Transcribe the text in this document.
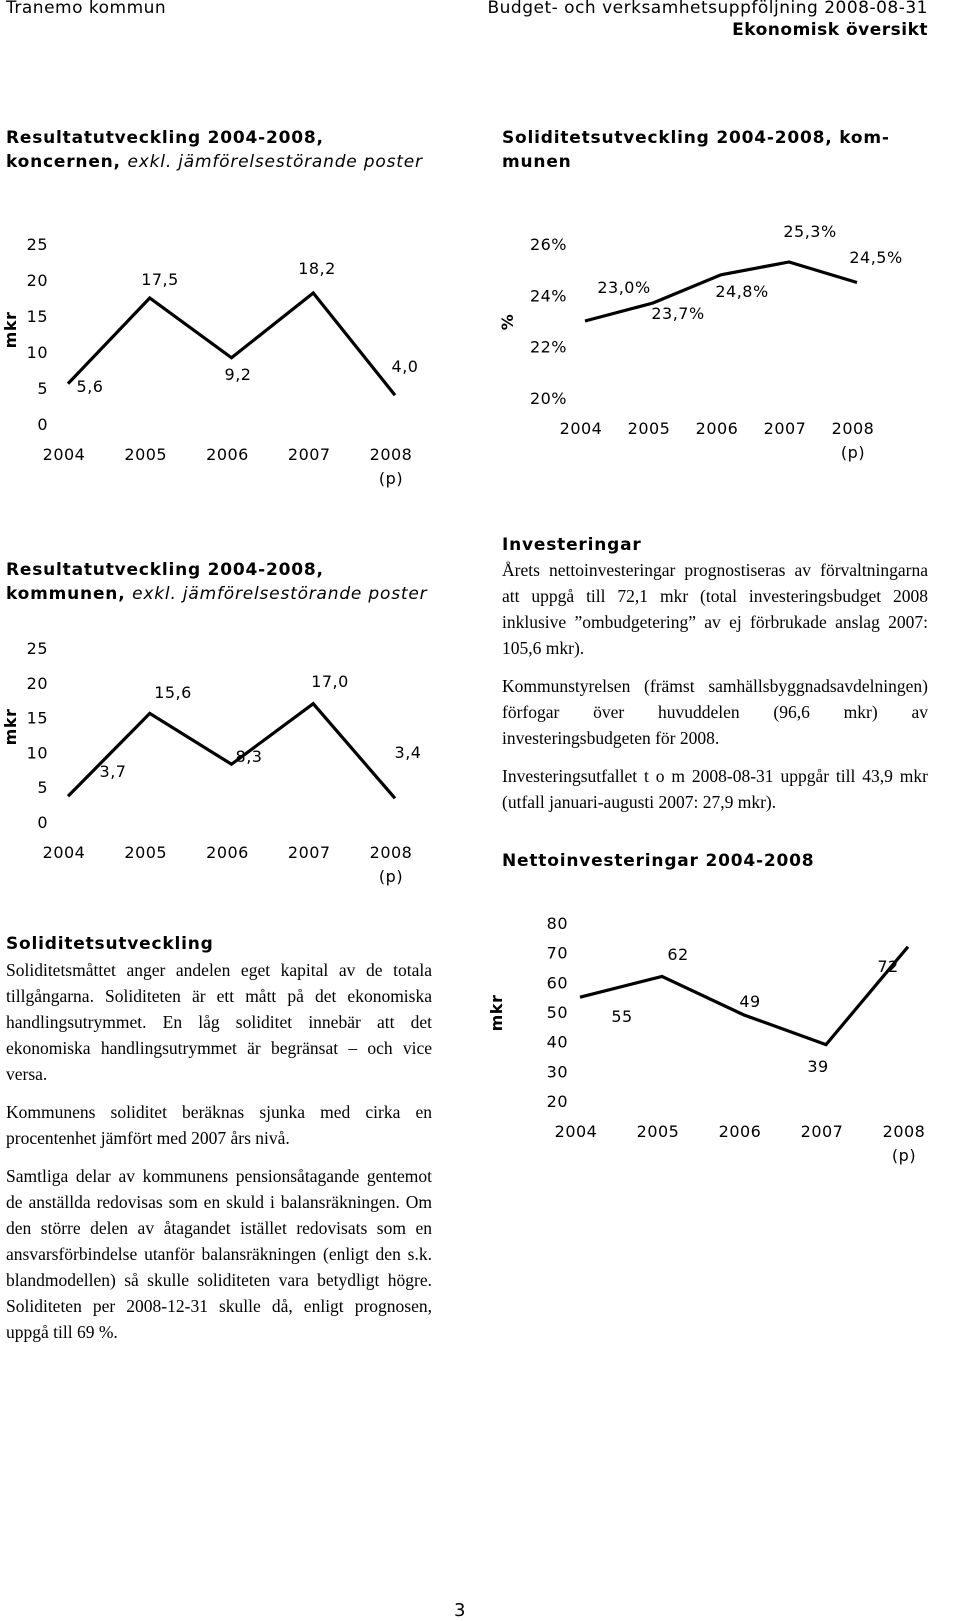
Tranemo kommun	Budget- och verksamhetsuppföljning 2008-08-31
Ekonomisk översikt
Resultatutveckling 2004-2008,
koncernen, exkl. jämförelsestörande poster
Soliditetsutveckling 2004-2008, kom-
munen
mkr
0
5
10
15
20
25
2004 2005 2006 2007 2008
(p)
5,6
17,5
9,2
18,2
4,0
%
20%
22%
24%
26%
2004 2005 2006 2007 2008
(p)
23,0%
23,7%
24,8%
25,3%
24,5%
Resultatutveckling 2004-2008,
kommunen, exkl. jämförelsestörande poster
mkr
0
5
10
15
20
25
2004 2005 2006 2007 2008
(p)
3,7
15,6
8,3
17,0
3,4
Investeringar

Årets nettoinvesteringar prognostiseras av förvaltningarna att uppgå till 72,1 mkr (total investeringsbudget 2008 inklusive ”ombudgetering” av ej förbrukade anslag 2007: 105,6 mkr).

Kommunstyrelsen (främst samhällsbyggnadsavdelningen) förfogar över huvuddelen (96,6 mkr) av investeringsbudgeten för 2008.

Investeringsutfallet t o m 2008-08-31 uppgår till 43,9 mkr (utfall januari-augusti 2007: 27,9 mkr).

Nettoinvesteringar 2004-2008
mkr
20
30
40
50
60
70
80
2004 2005 2006 2007 2008
(p)
55
62
49
39
72
Soliditetsutveckling

Soliditetsmåttet anger andelen eget kapital av de totala tillgångarna. Soliditeten är ett mått på det ekonomiska handlingsutrymmet. En låg soliditet innebär att det ekonomiska handlingsutrymmet är begränsat – och vice versa.

Kommunens soliditet beräknas sjunka med cirka en procentenhet jämfört med 2007 års nivå.

Samtliga delar av kommunens pensionsåtagande gentemot de anställda redovisas som en skuld i balansräkningen. Om den större delen av åtagandet istället redovisats som en ansvarsförbindelse utanför balansräkningen (enligt den s.k. blandmodellen) så skulle soliditeten vara betydligt högre. Soliditeten per 2008-12-31 skulle då, enligt prognosen, uppgå till 69 %.

3
